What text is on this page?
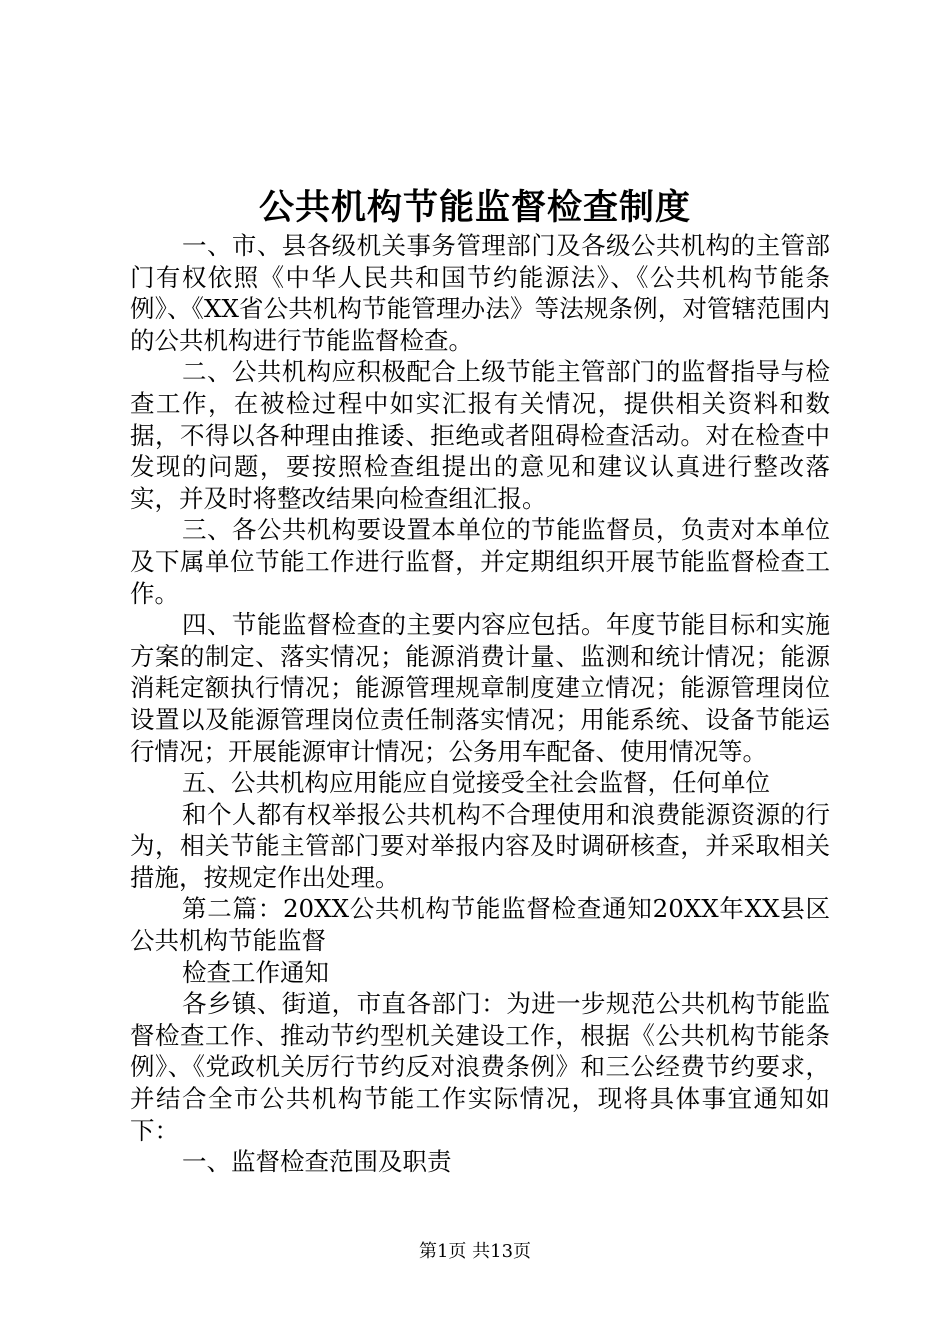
公共机构节能监督检查制度

一、市、县各级机关事务管理部门及各级公共机构的主管部门有权依照《中华人民共和国节约能源法》、《公共机构节能条例》、《XX省公共机构节能管理办法》等法规条例，对管辖范围内的公共机构进行节能监督检查。

二、公共机构应积极配合上级节能主管部门的监督指导与检查工作，在被检过程中如实汇报有关情况，提供相关资料和数据，不得以各种理由推诿、拒绝或者阻碍检查活动。对在检查中发现的问题，要按照检查组提出的意见和建议认真进行整改落实，并及时将整改结果向检查组汇报。

三、各公共机构要设置本单位的节能监督员，负责对本单位及下属单位节能工作进行监督，并定期组织开展节能监督检查工作。

四、节能监督检查的主要内容应包括。年度节能目标和实施方案的制定、落实情况；能源消费计量、监测和统计情况；能源消耗定额执行情况；能源管理规章制度建立情况；能源管理岗位设置以及能源管理岗位责任制落实情况；用能系统、设备节能运行情况；开展能源审计情况；公务用车配备、使用情况等。

五、公共机构应用能应自觉接受全社会监督，任何单位

和个人都有权举报公共机构不合理使用和浪费能源资源的行为，相关节能主管部门要对举报内容及时调研核查，并采取相关措施，按规定作出处理。

第二篇：20XX公共机构节能监督检查通知20XX年XX县区公共机构节能监督

检查工作通知

各乡镇、街道，市直各部门：为进一步规范公共机构节能监督检查工作、推动节约型机关建设工作，根据《公共机构节能条例》、《党政机关厉行节约反对浪费条例》和三公经费节约要求，并结合全市公共机构节能工作实际情况，现将具体事宜通知如下：

一、监督检查范围及职责

第1页 共13页
